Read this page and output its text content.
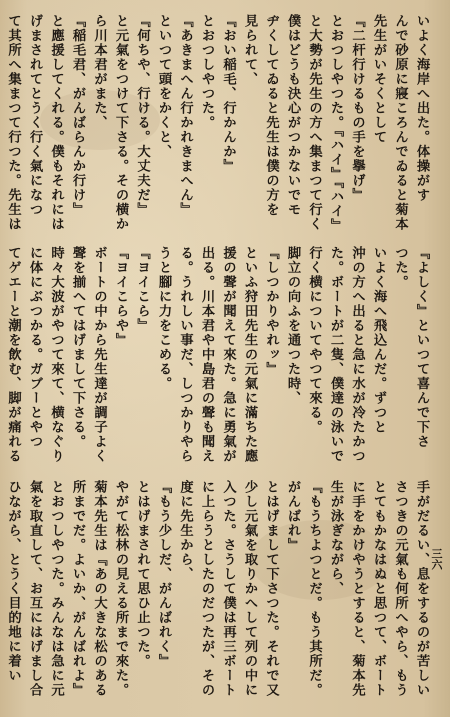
いよく海岸へ出た。体操がす

んで砂原に寢ころんでゐると菊本

先生がいそくとして

『二杆行けるもの手を擧げ』

とおつしやつた。『ハイ』『ハイ』

と大勢が先生の方へ集まつて行く

僕はどうも決心がつかないでモ

ヂくしてゐると先生は僕の方を

見られて、

『おい稲毛、行かんか』

とおつしやつた。

『あきまへん行かれきまへん』

といつて頭をかくと、

『何ちや、行ける。大丈夫だ』

と元氣をつけて下さる。その横か

ら川本君がまた、

『稲毛君、がんばらんか行け』

と應援してくれる。僕もそれには

げまされてとうく行く氣になつ

て其所へ集まつて行つた。先生は

『よしく』といつて喜んで下さ

つた。

いよく海へ飛込んだ。ずつと

沖の方へ出ると急に水が冷たかつ

た。ボートが二隻、僕達の泳いで

行く横についてやつて來る。

脚立の向ふを通つた時、

『しつかりやれッ』

といふ狩田先生の元氣に滿ちた應

援の聲が聞えて來た。急に勇氣が

出る。川本君や中島君の聲も聞え

る。うれしい事だ、しつかりやら

うと腳に力をこめる。

『ヨイこら』

『ヨイこらや』

ボートの中から先生達が調子よく

聲を揃へてはげまして下さる。

時々大波がやつて來て、横なぐり

に体にぶつかる。ガブーとやつ

てゲエーと潮を飲む、脚が痛れる

手がだるい、息をするのが苦しい

さつきの元氣も何所へやら、もう

とてもかなはぬと思つて、ボート

に手をかけやうとすると、菊本先

生が泳ぎながら、

『もうちよつとだ。もう其所だ。

がんばれ』

とはげまして下さつた。それで又

少し元氣を取りかへして列の中に

入つた。さうして僕は再三ボート

に上らうとしたのだつたが、その

度に先生から、

『もう少しだ、がんばれく』

とはげまされて思ひ止つた。

やがて松林の見える所まで來た。

菊本先生は『あの大きな松のある

所までだ。よいか、がんばれよ』

とおつしやつた。みんなは急に元

氣を取直して、お互にはげまし合

ひながら、とうく目的地に着い	三六
